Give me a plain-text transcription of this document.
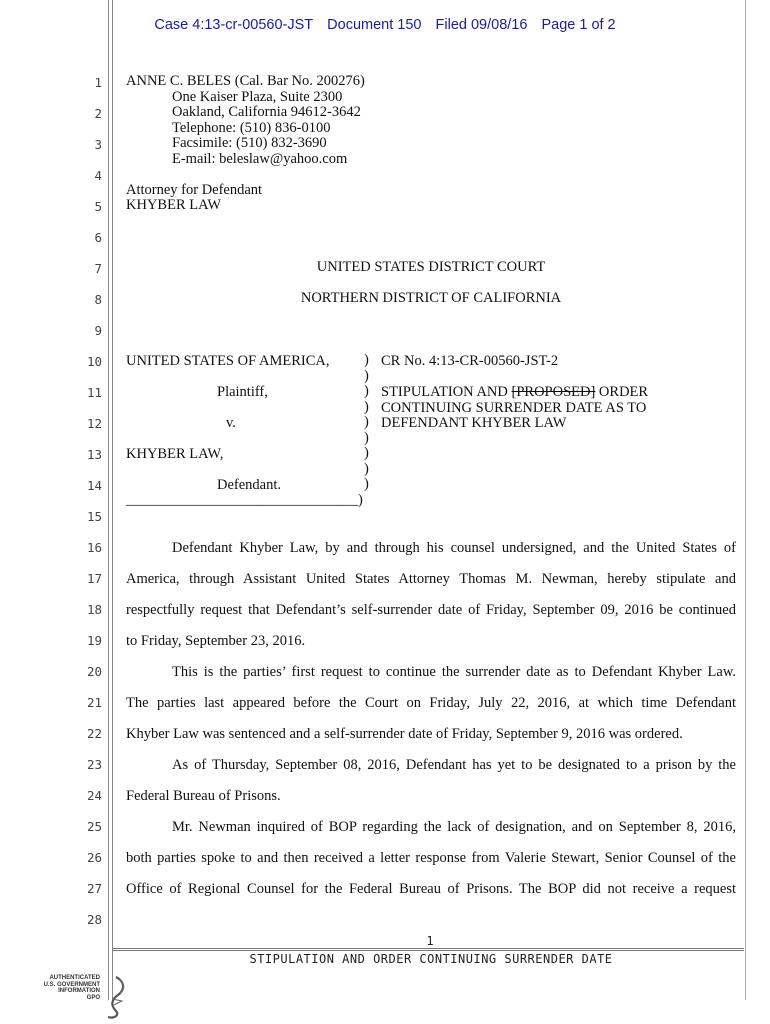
Case 4:13-cr-00560-JST Document 150 Filed 09/08/16 Page 1 of 2
1
2
3
4
5
6
7
8
9
10
11
12
13
14
15
16
17
18
19
20
21
22
23
24
25
26
27
28
ANNE C. BELES (Cal. Bar No. 200276)
One Kaiser Plaza, Suite 2300
Oakland, California 94612-3642
Telephone: (510) 836-0100
Facsimile: (510) 832-3690
E-mail: beleslaw@yahoo.com
Attorney for Defendant
KHYBER LAW
UNITED STATES DISTRICT COURT
NORTHERN DISTRICT OF CALIFORNIA
UNITED STATES OF AMERICA,
Plaintiff,
v.
KHYBER LAW,
Defendant.
________________________________)
)
)
)
)
)
)
)
)
)
CR No. 4:13-CR-00560-JST-2
STIPULATION AND [PROPOSED] ORDER
CONTINUING SURRENDER DATE AS TO
DEFENDANT KHYBER LAW
Defendant Khyber Law, by and through his counsel undersigned, and the United States of
America, through Assistant United States Attorney Thomas M. Newman, hereby stipulate and
respectfully request that Defendant’s self-surrender date of Friday, September 09, 2016 be continued
to Friday, September 23, 2016.
This is the parties’ first request to continue the surrender date as to Defendant Khyber Law.
The parties last appeared before the Court on Friday, July 22, 2016, at which time Defendant
Khyber Law was sentenced and a self-surrender date of Friday, September 9, 2016 was ordered.
As of Thursday, September 08, 2016, Defendant has yet to be designated to a prison by the
Federal Bureau of Prisons.
Mr. Newman inquired of BOP regarding the lack of designation, and on September 8, 2016,
both parties spoke to and then received a letter response from Valerie Stewart, Senior Counsel of the
Office of Regional Counsel for the Federal Bureau of Prisons. The BOP did not receive a request
1
STIPULATION AND ORDER CONTINUING SURRENDER DATE
AUTHENTICATED
U.S. GOVERNMENT
INFORMATION
GPO
